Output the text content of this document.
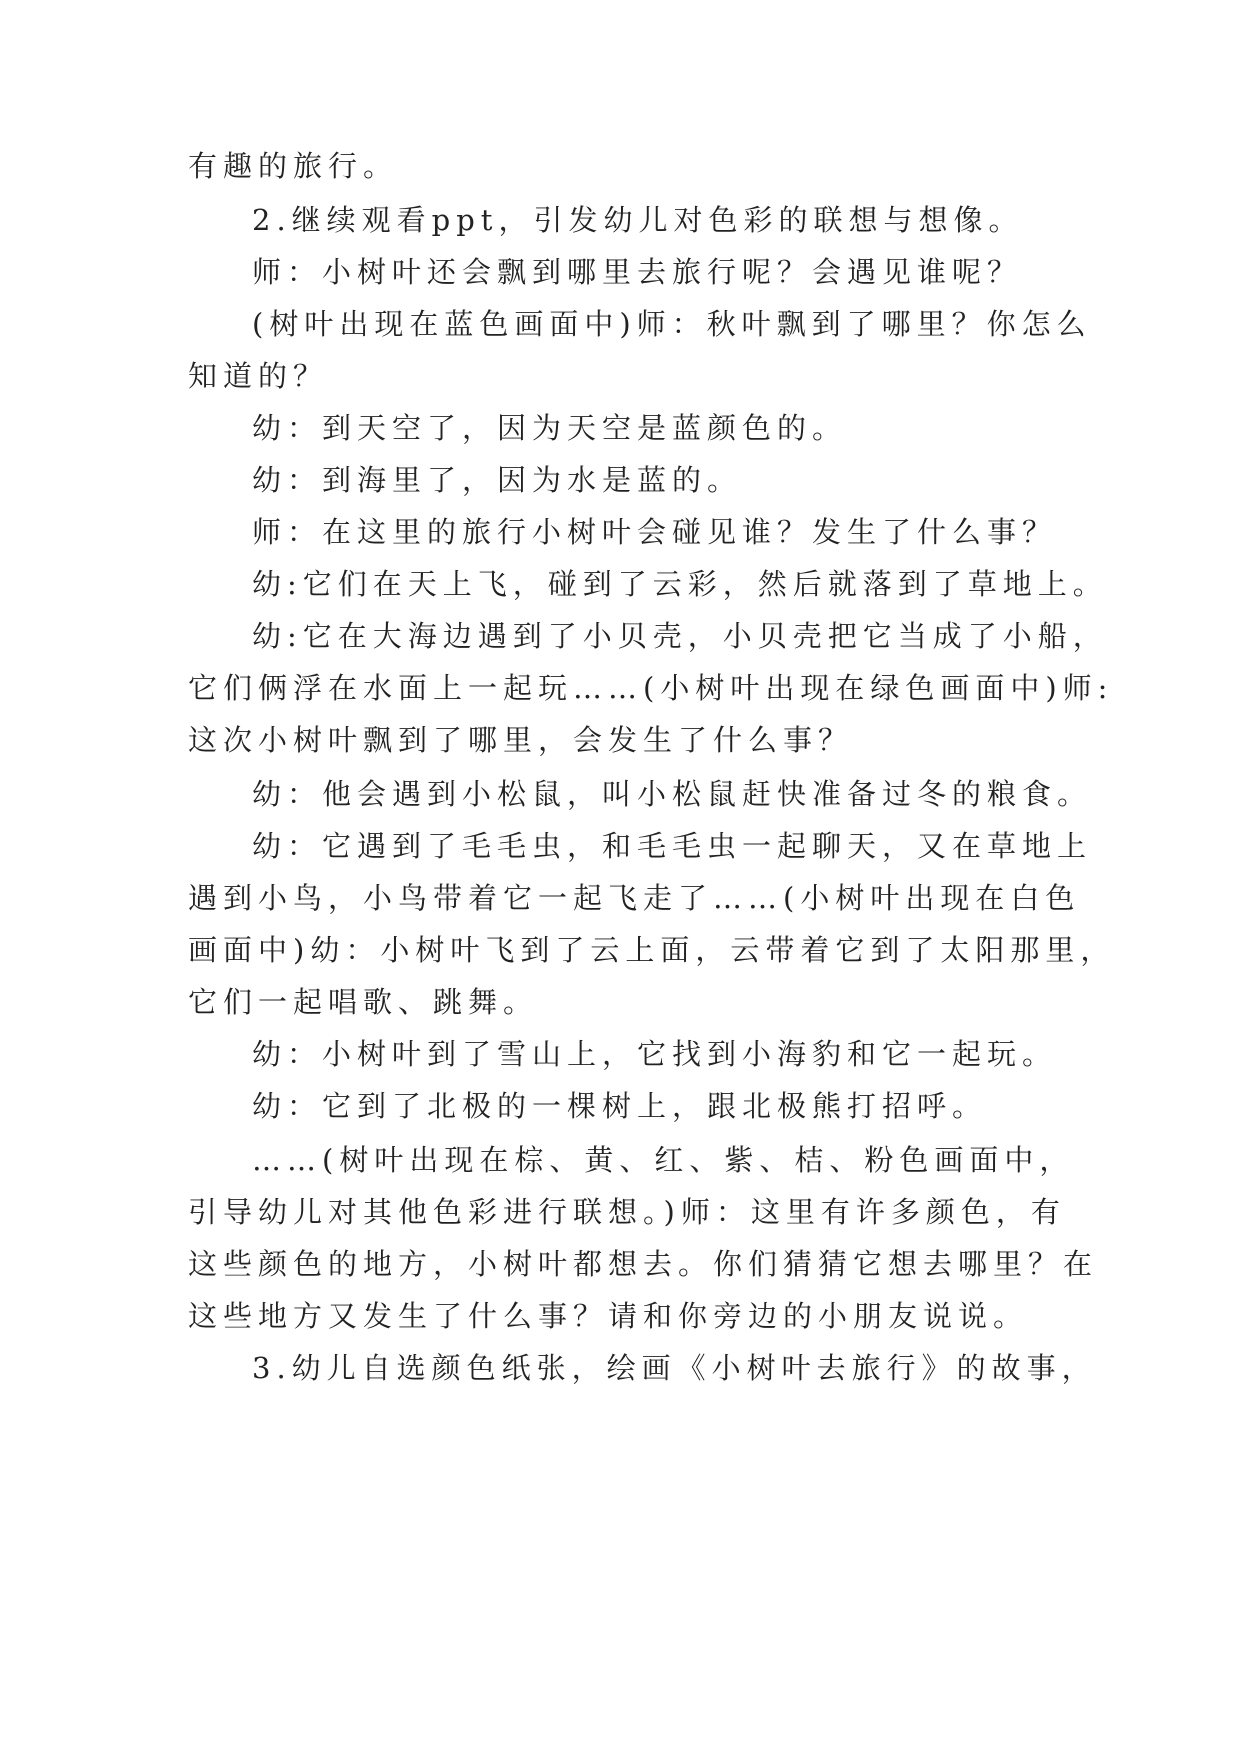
有趣的旅行。
2.继续观看ppt，引发幼儿对色彩的联想与想像。
师：小树叶还会飘到哪里去旅行呢？会遇见谁呢？
(树叶出现在蓝色画面中)师：秋叶飘到了哪里？你怎么
知道的？
幼：到天空了，因为天空是蓝颜色的。
幼：到海里了，因为水是蓝的。
师：在这里的旅行小树叶会碰见谁？发生了什么事？
幼:它们在天上飞，碰到了云彩，然后就落到了草地上。
幼:它在大海边遇到了小贝壳，小贝壳把它当成了小船，
它们俩浮在水面上一起玩……(小树叶出现在绿色画面中)师:
这次小树叶飘到了哪里，会发生了什么事？
幼：他会遇到小松鼠，叫小松鼠赶快准备过冬的粮食。
幼：它遇到了毛毛虫，和毛毛虫一起聊天，又在草地上
遇到小鸟，小鸟带着它一起飞走了……(小树叶出现在白色
画面中)幼：小树叶飞到了云上面，云带着它到了太阳那里，
它们一起唱歌、跳舞。
幼：小树叶到了雪山上，它找到小海豹和它一起玩。
幼：它到了北极的一棵树上，跟北极熊打招呼。
……(树叶出现在棕、黄、红、紫、桔、粉色画面中，
引导幼儿对其他色彩进行联想。)师：这里有许多颜色，有
这些颜色的地方，小树叶都想去。你们猜猜它想去哪里？在
这些地方又发生了什么事？请和你旁边的小朋友说说。
3.幼儿自选颜色纸张，绘画《小树叶去旅行》的故事，
